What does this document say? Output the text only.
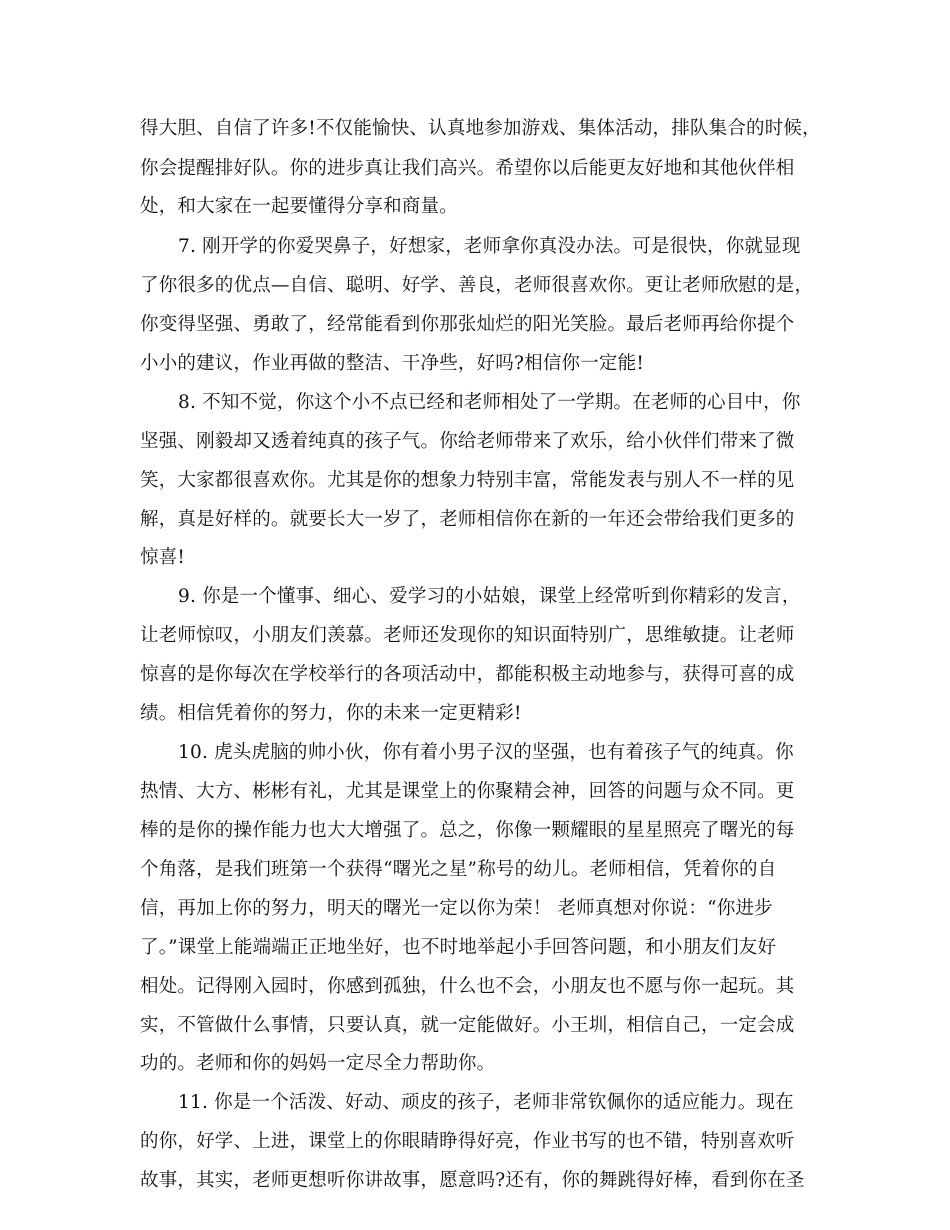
得大胆、自信了许多!不仅能愉快、认真地参加游戏、集体活动，排队集合的时候，
你会提醒排好队。你的进步真让我们高兴。希望你以后能更友好地和其他伙伴相
处，和大家在一起要懂得分享和商量。
7. 刚开学的你爱哭鼻子，好想家，老师拿你真没办法。可是很快，你就显现
了你很多的优点—自信、聪明、好学、善良，老师很喜欢你。更让老师欣慰的是，
你变得坚强、勇敢了，经常能看到你那张灿烂的阳光笑脸。最后老师再给你提个
小小的建议，作业再做的整洁、干净些，好吗?相信你一定能!
8. 不知不觉，你这个小不点已经和老师相处了一学期。在老师的心目中，你
坚强、刚毅却又透着纯真的孩子气。你给老师带来了欢乐，给小伙伴们带来了微
笑，大家都很喜欢你。尤其是你的想象力特别丰富，常能发表与别人不一样的见
解，真是好样的。就要长大一岁了，老师相信你在新的一年还会带给我们更多的
惊喜!
9. 你是一个懂事、细心、爱学习的小姑娘，课堂上经常听到你精彩的发言，
让老师惊叹，小朋友们羡慕。老师还发现你的知识面特别广，思维敏捷。让老师
惊喜的是你每次在学校举行的各项活动中，都能积极主动地参与，获得可喜的成
绩。相信凭着你的努力，你的未来一定更精彩!
10. 虎头虎脑的帅小伙，你有着小男子汉的坚强，也有着孩子气的纯真。你
热情、大方、彬彬有礼，尤其是课堂上的你聚精会神，回答的问题与众不同。更
棒的是你的操作能力也大大增强了。总之，你像一颗耀眼的星星照亮了曙光的每
个角落，是我们班第一个获得“曙光之星”称号的幼儿。老师相信，凭着你的自
信，再加上你的努力，明天的曙光一定以你为荣！ 老师真想对你说：“你进步
了。”课堂上能端端正正地坐好，也不时地举起小手回答问题，和小朋友们友好
相处。记得刚入园时，你感到孤独，什么也不会，小朋友也不愿与你一起玩。其
实，不管做什么事情，只要认真，就一定能做好。小王圳，相信自己，一定会成
功的。老师和你的妈妈一定尽全力帮助你。
11. 你是一个活泼、好动、顽皮的孩子，老师非常钦佩你的适应能力。现在
的你，好学、上进，课堂上的你眼睛睁得好亮，作业书写的也不错，特别喜欢听
故事，其实，老师更想听你讲故事，愿意吗?还有，你的舞跳得好棒，看到你在圣
